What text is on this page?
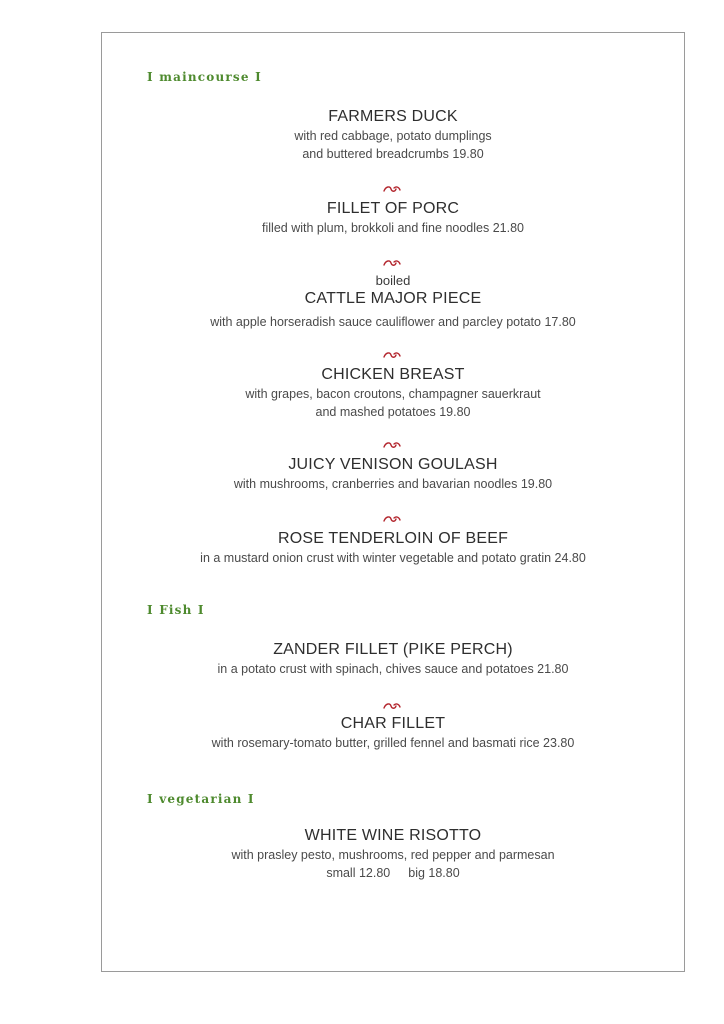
I maincourse I
FARMERS DUCK
with red cabbage, potato dumplings
and buttered breadcrumbs 19.80
FILLET OF PORC
filled with plum, brokkoli and fine noodles 21.80
boiled
CATTLE MAJOR PIECE
with apple horseradish sauce cauliflower and parcley potato 17.80
CHICKEN BREAST
with grapes, bacon croutons, champagner sauerkraut
and mashed potatoes 19.80
JUICY VENISON GOULASH
with mushrooms, cranberries and bavarian noodles 19.80
ROSE TENDERLOIN OF BEEF
in a mustard onion crust with winter vegetable and potato gratin 24.80
I Fish I
ZANDER FILLET (PIKE PERCH)
in a potato crust with spinach, chives sauce and potatoes 21.80
CHAR FILLET
with rosemary-tomato butter, grilled fennel and basmati rice 23.80
I vegetarian I
WHITE WINE RISOTTO
with prasley pesto, mushrooms, red pepper and parmesan
small 12.80 big 18.80
